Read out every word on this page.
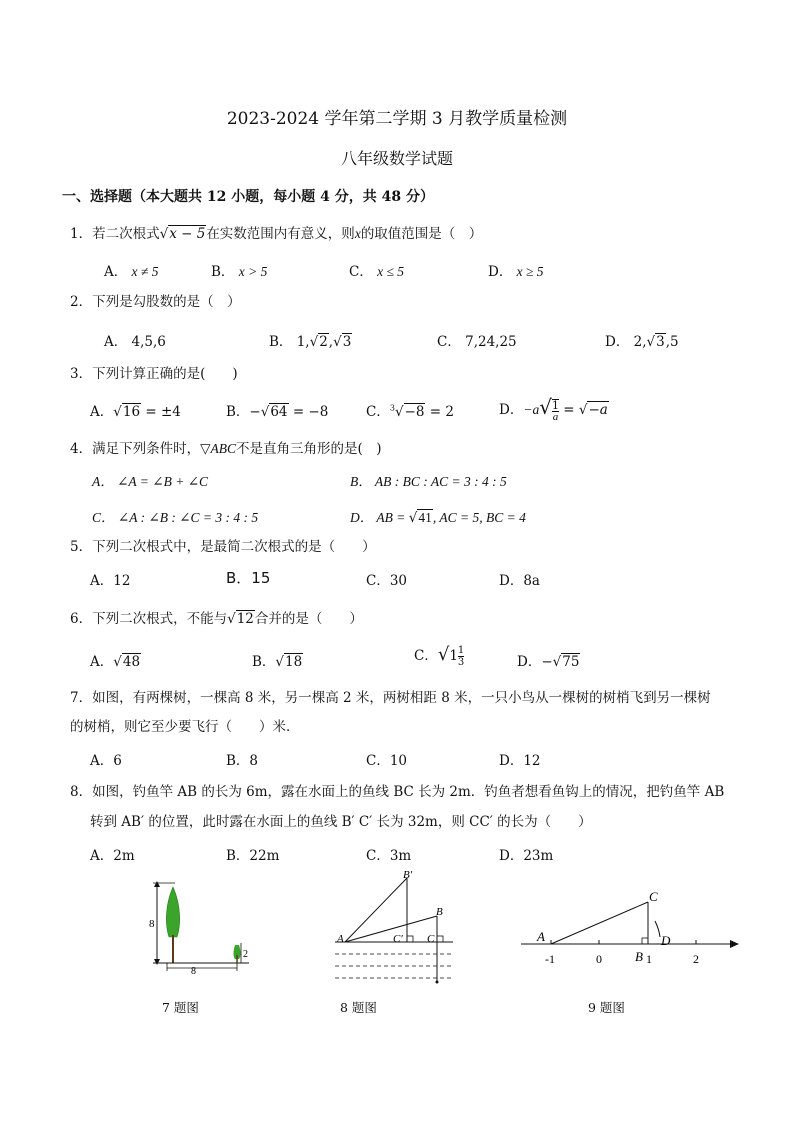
2023-2024 学年第二学期 3 月教学质量检测
八年级数学试题
一、选择题（本大题共 12 小题，每小题 4 分，共 48 分）
1．若二次根式√x − 5在实数范围内有意义，则x的取值范围是（　）
A． x ≠ 5	B． x > 5	C． x ≤ 5	D． x ≥ 5
2．下列是勾股数的是（　）
A． 4,5,6	B． 1,√2,√3	C． 7,24,25	D． 2,√3,5
3．下列计算正确的是(　　)
A．√16 = ±4	B．−√64 = −8	C．$^3$√−8 = 2	D．$-a√ \frac{1}{a} = √-a$
4．满足下列条件时，▽ABC不是直角三角形的是(　)
A． ∠A = ∠B + ∠C	B． AB : BC : AC = 3 : 4 : 5
C． ∠A : ∠B : ∠C = 3 : 4 : 5	D． AB = √41, AC = 5, BC = 4
5．下列二次根式中，是最简二次根式的是（　　）
A．12	B．15	C．30	D．8a
6．下列二次根式，不能与√12合并的是（　　）
A．√48	B．√18	C．$√1 \frac{1}{3}$	D．−√75
7．如图，有两棵树，一棵高 8 米，另一棵高 2 米，两树相距 8 米，一只小鸟从一棵树的树梢飞到另一棵树
的树梢，则它至少要飞行（　　）米．
A．6	B．8	C．10	D．12
8．如图，钓鱼竿 AB 的长为 6m，露在水面上的鱼线 BC 长为 2m．钓鱼者想看鱼钩上的情况，把钓鱼竿 AB
转到 AB′ 的位置，此时露在水面上的鱼线 B′ C′ 长为 32m，则 CC′ 的长为（　　）
A．2m	B．22m	C．3m	D．23m
8
2
8
7 题图
B′
B
A	C′ C
8 题图
C
A	D
B
-1	0	1	2
9 题图
